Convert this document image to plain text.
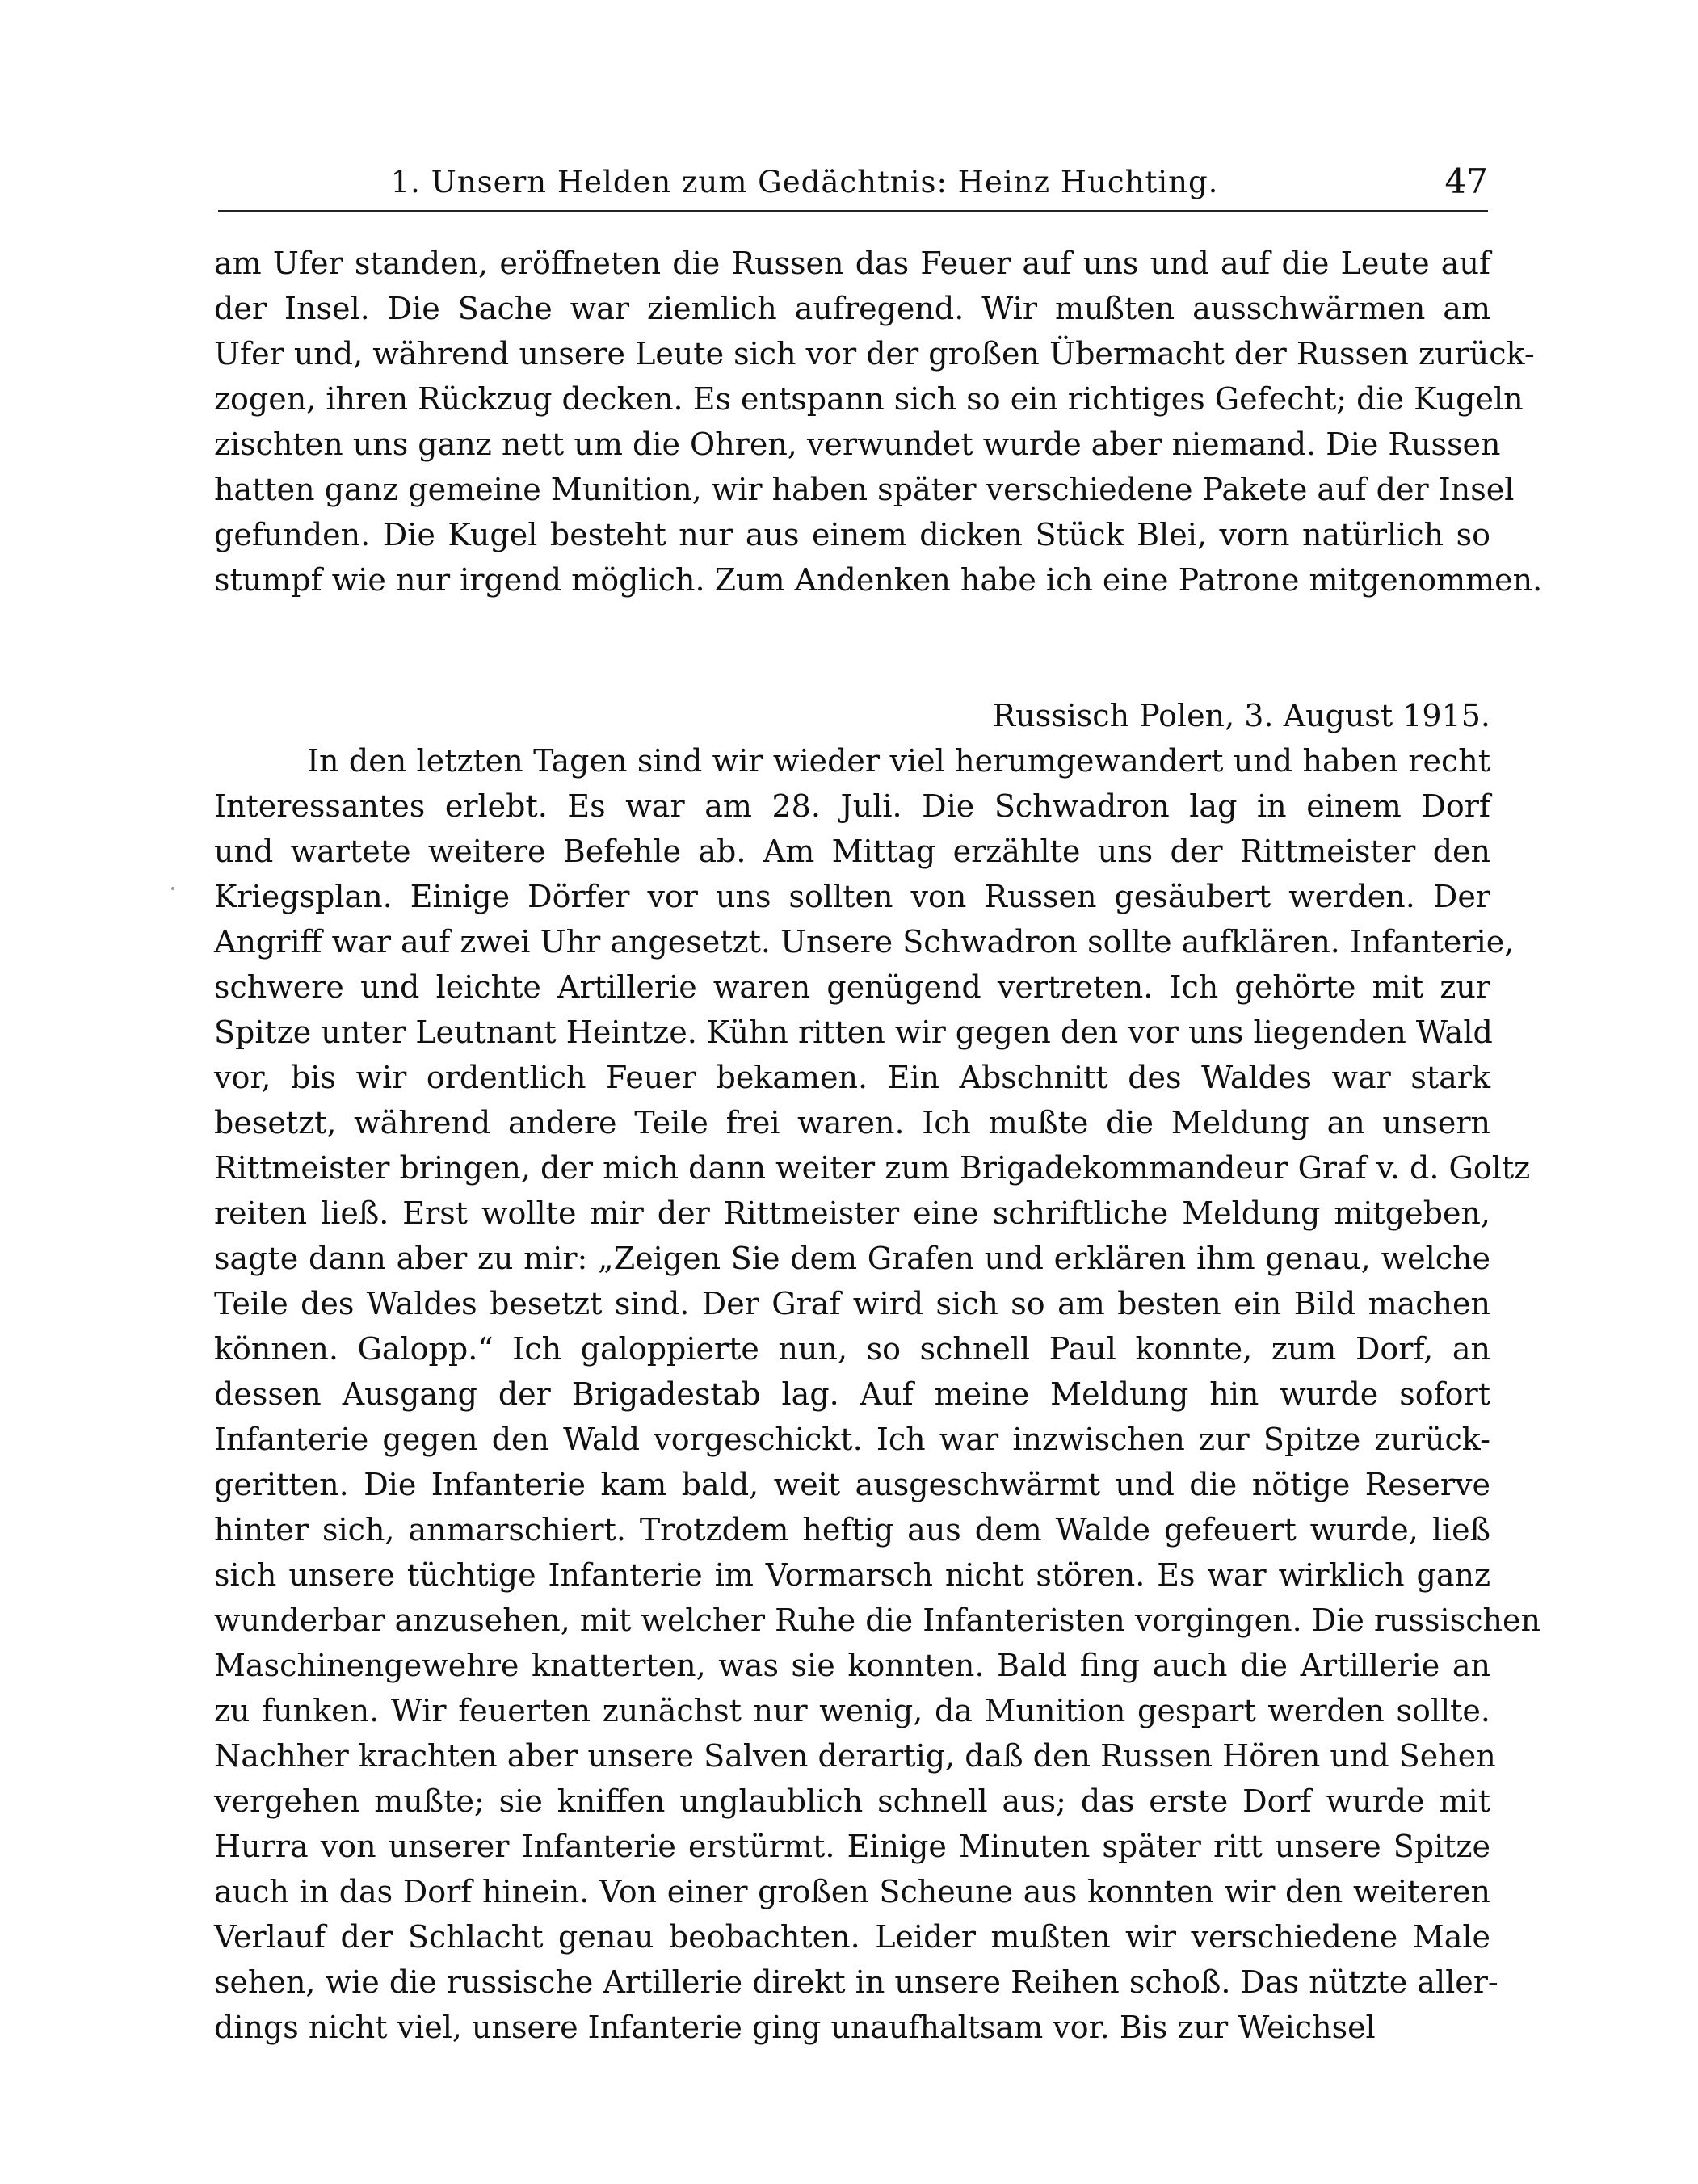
1. Unsern Helden zum Gedächtnis: Heinz Huchting.	47
am Ufer standen, eröffneten die Russen das Feuer auf uns und auf die Leute auf
der Insel. Die Sache war ziemlich aufregend. Wir mußten ausschwärmen am
Ufer und, während unsere Leute sich vor der großen Übermacht der Russen zurück-
zogen, ihren Rückzug decken. Es entspann sich so ein richtiges Gefecht; die Kugeln
zischten uns ganz nett um die Ohren, verwundet wurde aber niemand. Die Russen
hatten ganz gemeine Munition, wir haben später verschiedene Pakete auf der Insel
gefunden. Die Kugel besteht nur aus einem dicken Stück Blei, vorn natürlich so
stumpf wie nur irgend möglich. Zum Andenken habe ich eine Patrone mitgenommen.
Russisch Polen, 3. August 1915.
In den letzten Tagen sind wir wieder viel herumgewandert und haben recht
Interessantes erlebt. Es war am 28. Juli. Die Schwadron lag in einem Dorf
und wartete weitere Befehle ab. Am Mittag erzählte uns der Rittmeister den
Kriegsplan. Einige Dörfer vor uns sollten von Russen gesäubert werden. Der
Angriff war auf zwei Uhr angesetzt. Unsere Schwadron sollte aufklären. Infanterie,
schwere und leichte Artillerie waren genügend vertreten. Ich gehörte mit zur
Spitze unter Leutnant Heintze. Kühn ritten wir gegen den vor uns liegenden Wald
vor, bis wir ordentlich Feuer bekamen. Ein Abschnitt des Waldes war stark
besetzt, während andere Teile frei waren. Ich mußte die Meldung an unsern
Rittmeister bringen, der mich dann weiter zum Brigadekommandeur Graf v. d. Goltz
reiten ließ. Erst wollte mir der Rittmeister eine schriftliche Meldung mitgeben,
sagte dann aber zu mir: „Zeigen Sie dem Grafen und erklären ihm genau, welche
Teile des Waldes besetzt sind. Der Graf wird sich so am besten ein Bild machen
können. Galopp.“ Ich galoppierte nun, so schnell Paul konnte, zum Dorf, an
dessen Ausgang der Brigadestab lag. Auf meine Meldung hin wurde sofort
Infanterie gegen den Wald vorgeschickt. Ich war inzwischen zur Spitze zurück-
geritten. Die Infanterie kam bald, weit ausgeschwärmt und die nötige Reserve
hinter sich, anmarschiert. Trotzdem heftig aus dem Walde gefeuert wurde, ließ
sich unsere tüchtige Infanterie im Vormarsch nicht stören. Es war wirklich ganz
wunderbar anzusehen, mit welcher Ruhe die Infanteristen vorgingen. Die russischen
Maschinengewehre knatterten, was sie konnten. Bald fing auch die Artillerie an
zu funken. Wir feuerten zunächst nur wenig, da Munition gespart werden sollte.
Nachher krachten aber unsere Salven derartig, daß den Russen Hören und Sehen
vergehen mußte; sie kniffen unglaublich schnell aus; das erste Dorf wurde mit
Hurra von unserer Infanterie erstürmt. Einige Minuten später ritt unsere Spitze
auch in das Dorf hinein. Von einer großen Scheune aus konnten wir den weiteren
Verlauf der Schlacht genau beobachten. Leider mußten wir verschiedene Male
sehen, wie die russische Artillerie direkt in unsere Reihen schoß. Das nützte aller-
dings nicht viel, unsere Infanterie ging unaufhaltsam vor. Bis zur Weichsel
